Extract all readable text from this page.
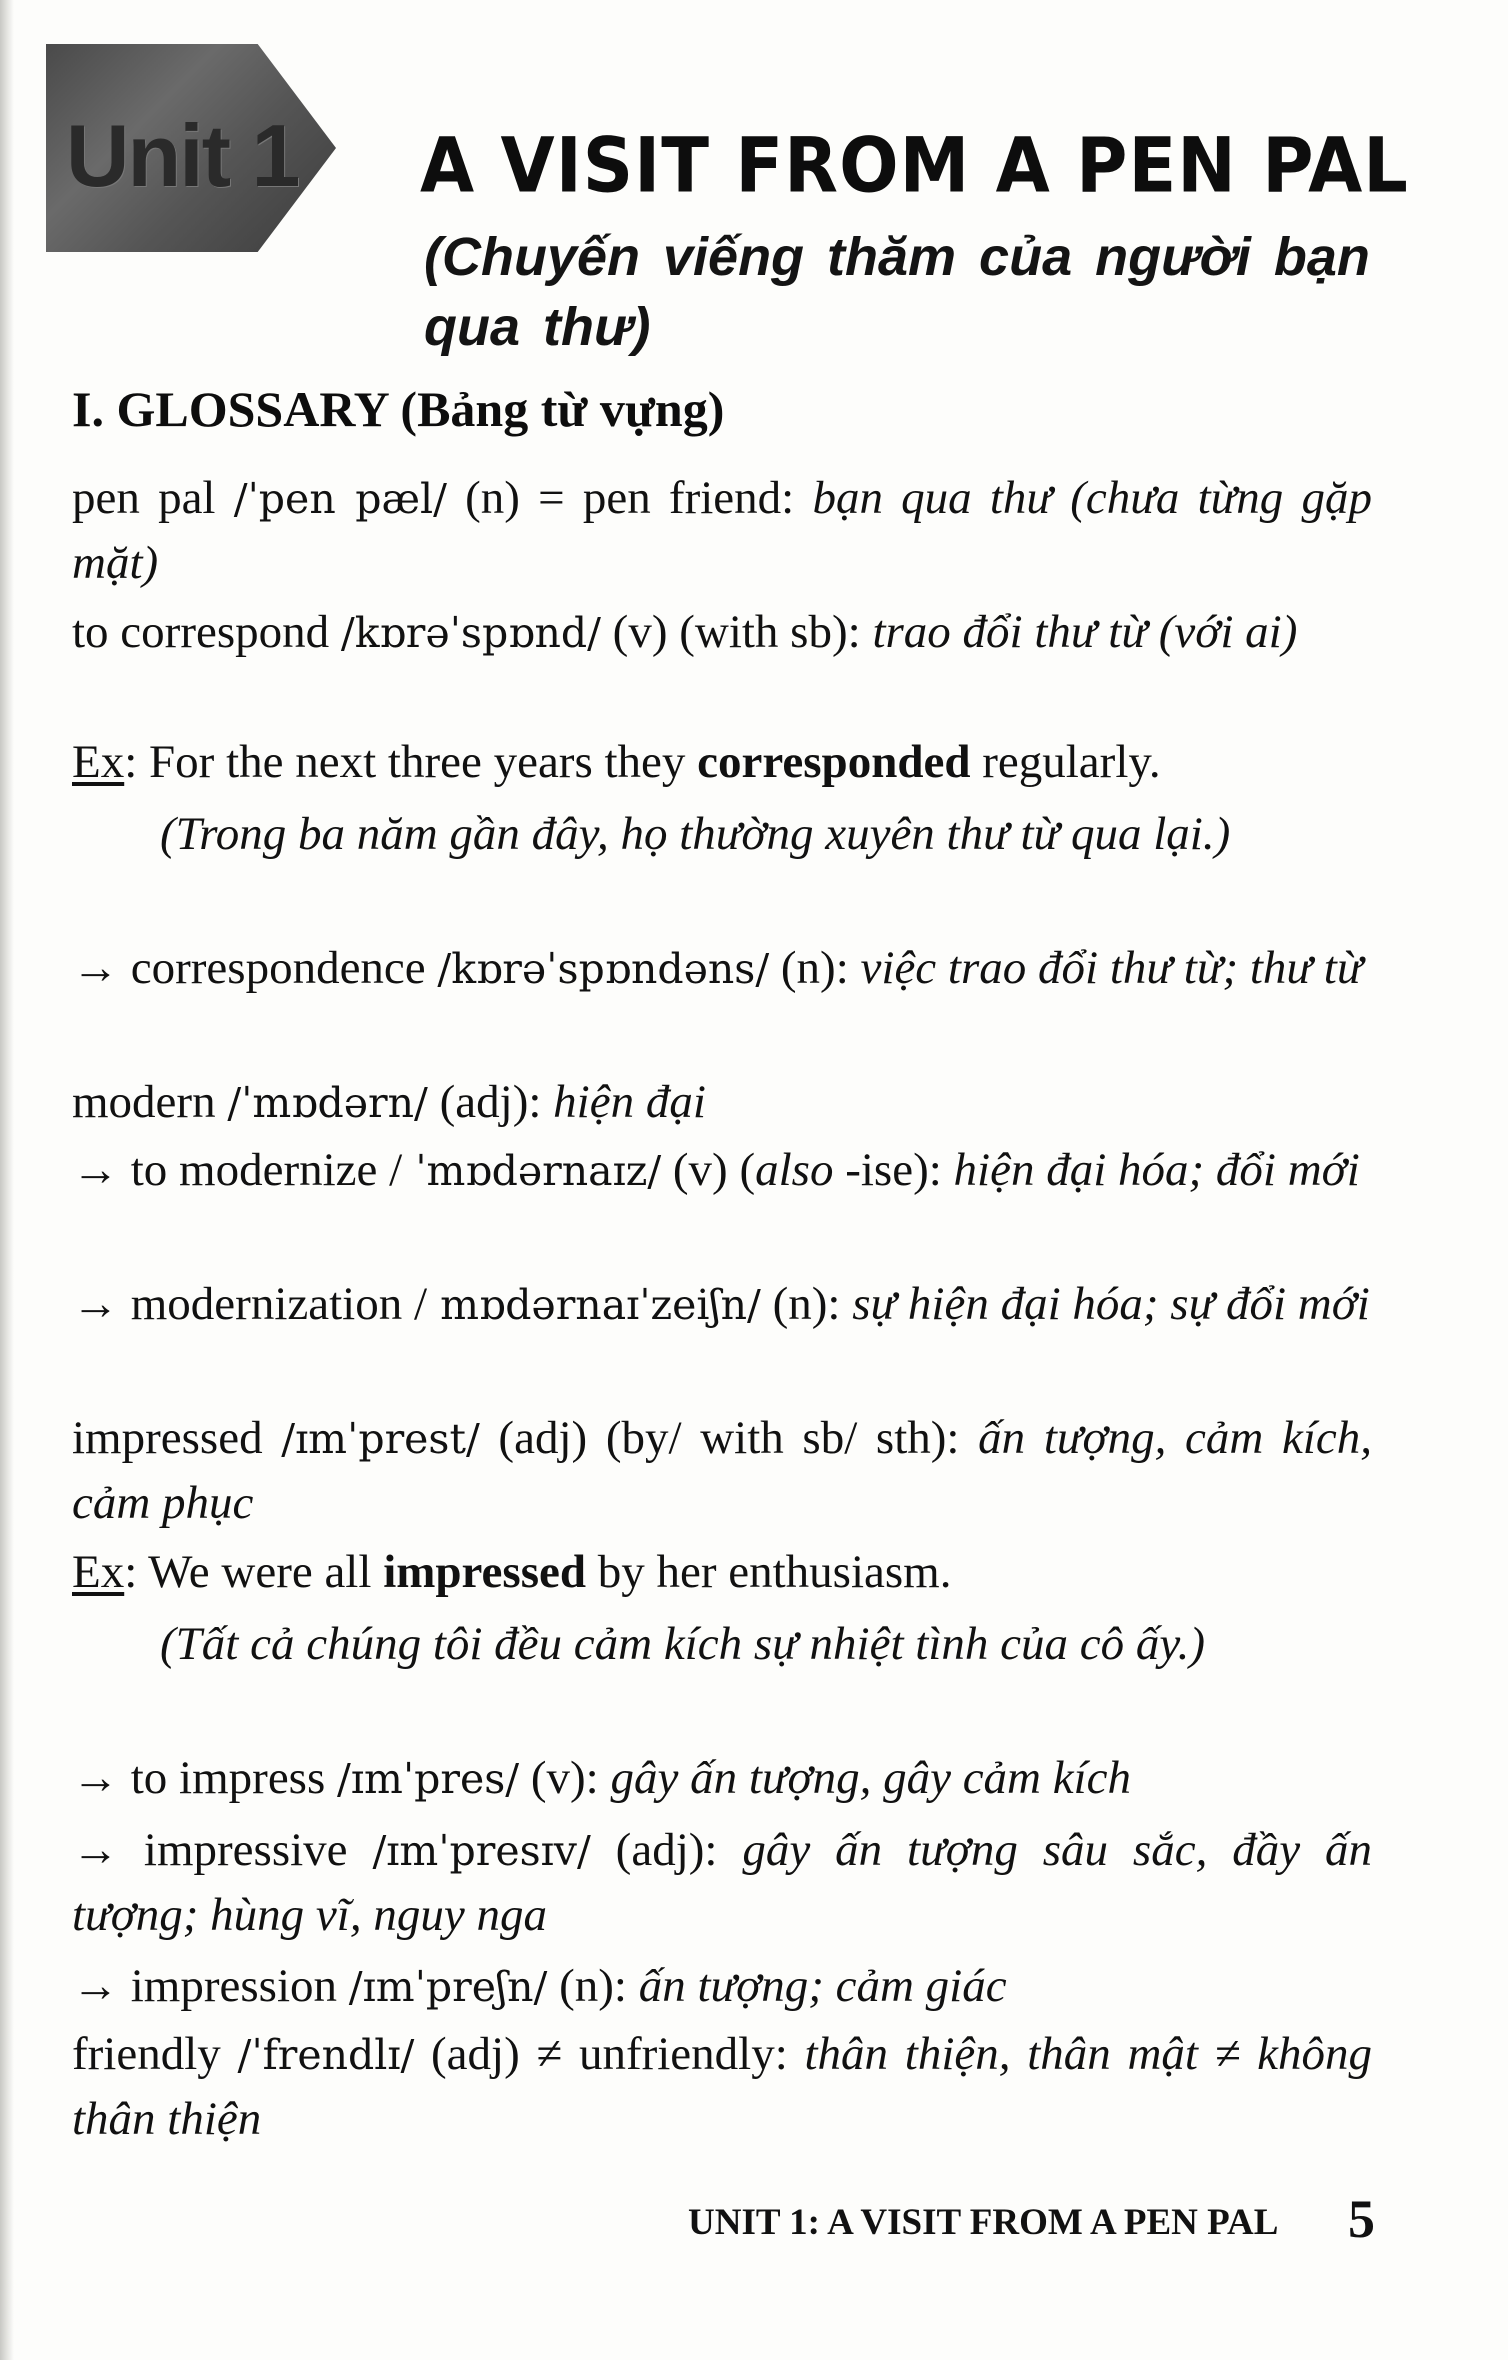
Unit 1 A VISIT FROM A PEN PAL
(Chuyến viếng thăm của người bạn qua thư)
I. GLOSSARY (Bảng từ vựng)
pen pal /ˈpen pæl/ (n) = pen friend: bạn qua thư (chưa từng gặp mặt)
to correspond /kɒrəˈspɒnd/ (v) (with sb): trao đổi thư từ (với ai)
Ex: For the next three years they corresponded regularly.
(Trong ba năm gần đây, họ thường xuyên thư từ qua lại.)
→ correspondence /kɒrəˈspɒndəns/ (n): việc trao đổi thư từ; thư từ
modern /ˈmɒdərn/ (adj): hiện đại
→ to modernize / ˈmɒdərnaɪz/ (v) (also -ise): hiện đại hóa; đổi mới
→ modernization / mɒdərnaɪˈzeiʃn/ (n): sự hiện đại hóa; sự đổi mới
impressed /ɪmˈprest/ (adj) (by/ with sb/ sth): ấn tượng, cảm kích, cảm phục
Ex: We were all impressed by her enthusiasm.
(Tất cả chúng tôi đều cảm kích sự nhiệt tình của cô ấy.)
→ to impress /ɪmˈpres/ (v): gây ấn tượng, gây cảm kích
→ impressive /ɪmˈpresɪv/ (adj): gây ấn tượng sâu sắc, đầy ấn tượng; hùng vĩ, nguy nga
→ impression /ɪmˈpreʃn/ (n): ấn tượng; cảm giác
friendly /ˈfrendlɪ/ (adj) ≠ unfriendly: thân thiện, thân mật ≠ không thân thiện
UNIT 1: A VISIT FROM A PEN PAL 5
